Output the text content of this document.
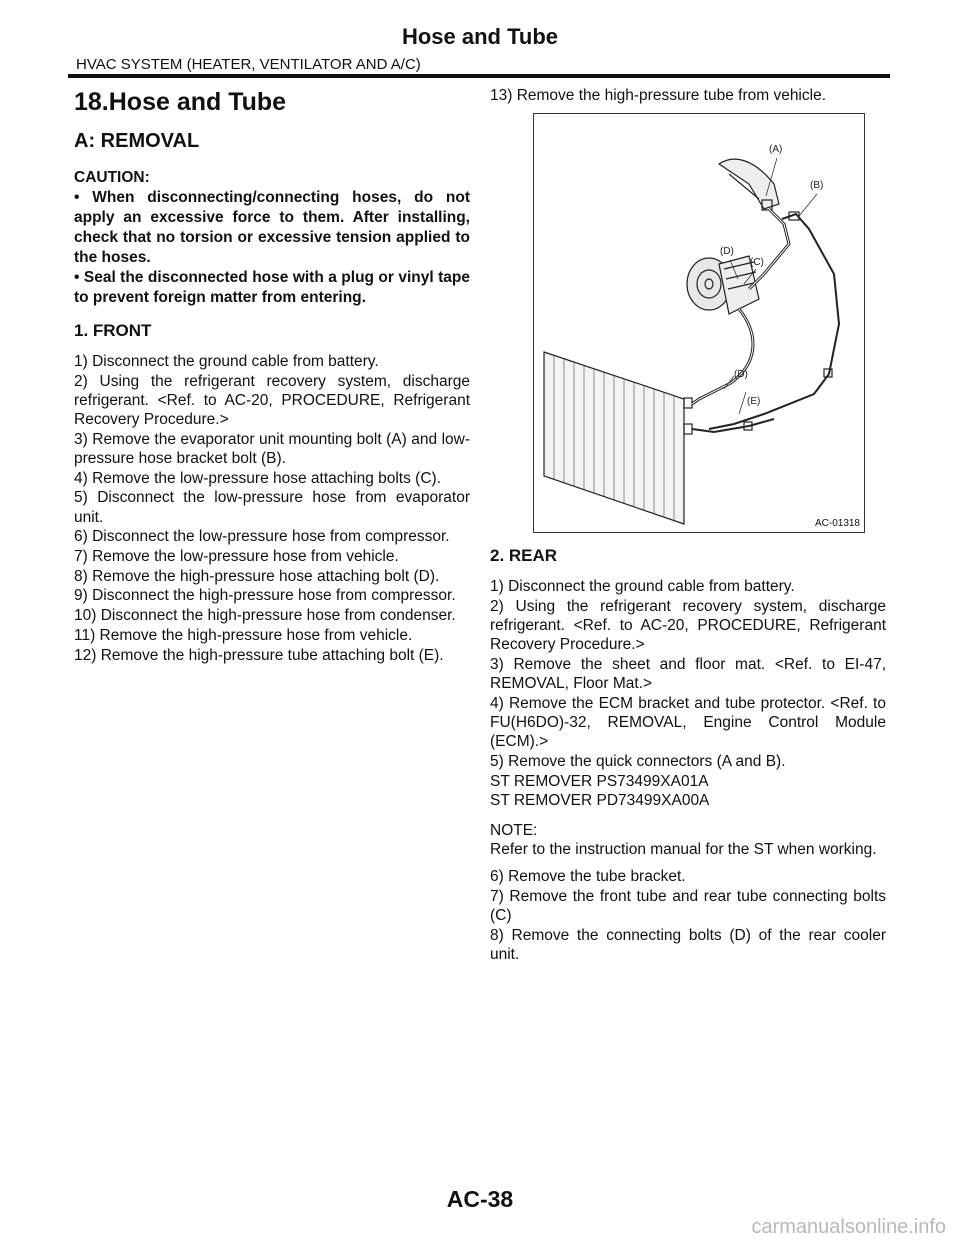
Hose and Tube
HVAC SYSTEM (HEATER, VENTILATOR AND A/C)
18.Hose and Tube
A: REMOVAL

CAUTION:

• When disconnecting/connecting hoses, do not apply an excessive force to them. After installing, check that no torsion or excessive tension applied to the hoses.

• Seal the disconnected hose with a plug or vinyl tape to prevent foreign matter from entering.

1. FRONT

1) Disconnect the ground cable from battery.

2) Using the refrigerant recovery system, discharge refrigerant. <Ref. to AC-20, PROCEDURE, Refrigerant Recovery Procedure.>

3) Remove the evaporator unit mounting bolt (A) and low-pressure hose bracket bolt (B).

4) Remove the low-pressure hose attaching bolts (C).

5) Disconnect the low-pressure hose from evaporator unit.

6) Disconnect the low-pressure hose from compressor.

7) Remove the low-pressure hose from vehicle.

8) Remove the high-pressure hose attaching bolt (D).

9) Disconnect the high-pressure hose from compressor.

10) Disconnect the high-pressure hose from condenser.

11) Remove the high-pressure hose from vehicle.

12) Remove the high-pressure tube attaching bolt (E).

13) Remove the high-pressure tube from vehicle.

(A)
(B)
(D)
(C)
(D)
(E)
AC-01318
2. REAR

1) Disconnect the ground cable from battery.

2) Using the refrigerant recovery system, discharge refrigerant. <Ref. to AC-20, PROCEDURE, Refrigerant Recovery Procedure.>

3) Remove the sheet and floor mat. <Ref. to EI-47, REMOVAL, Floor Mat.>

4) Remove the ECM bracket and tube protector. <Ref. to FU(H6DO)-32, REMOVAL, Engine Control Module (ECM).>

5) Remove the quick connectors (A and B).

ST REMOVER PS73499XA01A

ST REMOVER PD73499XA00A

NOTE:
Refer to the instruction manual for the ST when working.

6) Remove the tube bracket.

7) Remove the front tube and rear tube connecting bolts (C)

8) Remove the connecting bolts (D) of the rear cooler unit.

AC-38
carmanualsonline.info
